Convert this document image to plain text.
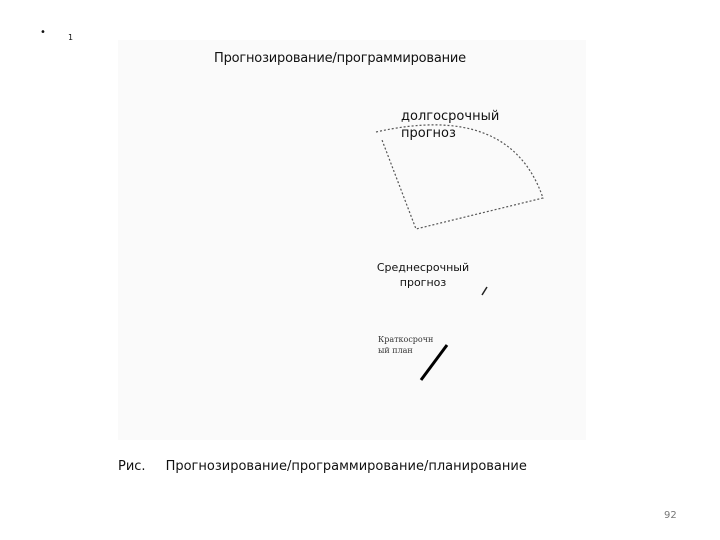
•	1
Прогнозирование/программирование
долгосрочный
прогноз
Среднесрочный
прогноз
Краткосрочн
ый план
Рис. Прогнозирование/программирование/планирование
92
